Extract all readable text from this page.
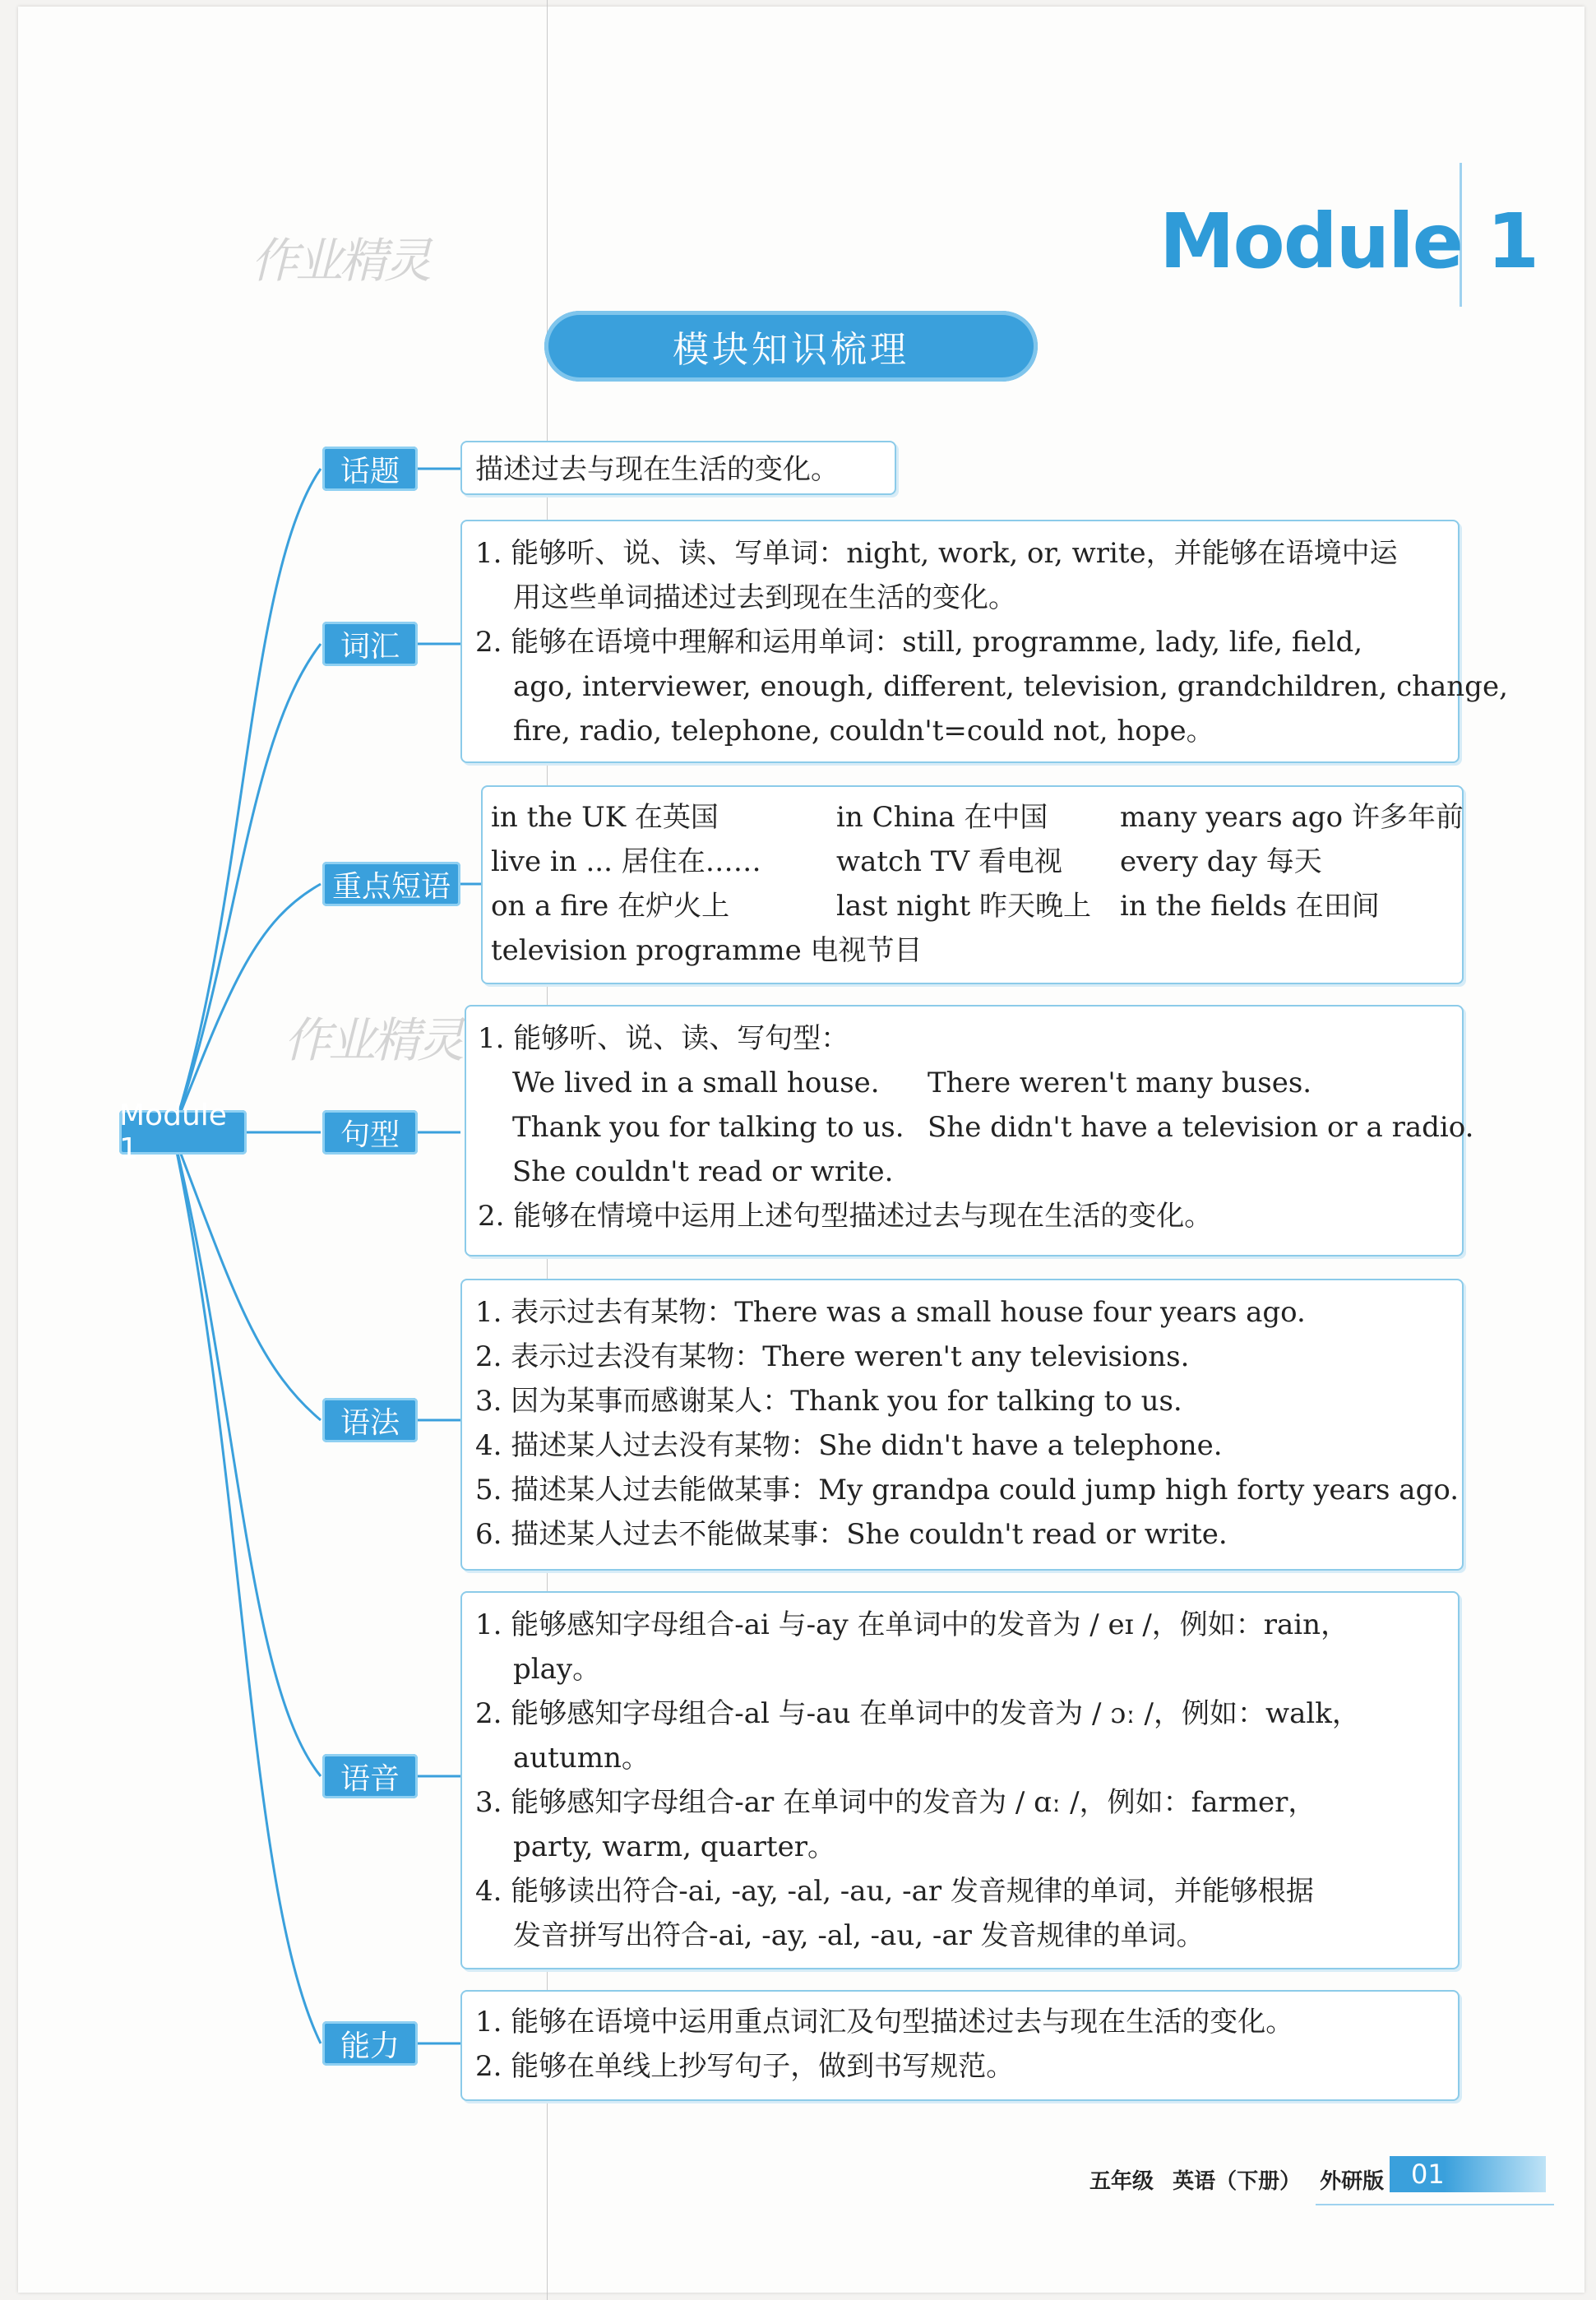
作业精灵
作业精灵
Module 1
模块知识梳理
Module 1
话题
词汇
重点短语
句型
语法
语音
能力
描述过去与现在生活的变化。
1. 能够听、说、读、写单词：night, work, or, write，并能够在语境中运
用这些单词描述过去到现在生活的变化。
2. 能够在语境中理解和运用单词：still, programme, lady, life, field,
ago, interviewer, enough, different, television, grandchildren, change,
fire, radio, telephone, couldn't=could not, hope。
in the UK 在英国	in China 在中国	many years ago 许多年前
live in ... 居住在……	watch TV 看电视	every day 每天
on a fire 在炉火上	last night 昨天晚上	in the fields 在田间
television programme 电视节目
1. 能够听、说、读、写句型：
We lived in a small house.	There weren't many buses.
Thank you for talking to us. She didn't have a television or a radio.
She couldn't read or write.
2. 能够在情境中运用上述句型描述过去与现在生活的变化。
1. 表示过去有某物：There was a small house four years ago.
2. 表示过去没有某物：There weren't any televisions.
3. 因为某事而感谢某人：Thank you for talking to us.
4. 描述某人过去没有某物：She didn't have a telephone.
5. 描述某人过去能做某事：My grandpa could jump high forty years ago.
6. 描述某人过去不能做某事：She couldn't read or write.
1. 能够感知字母组合-ai 与-ay 在单词中的发音为 / eɪ /，例如：rain，
play。
2. 能够感知字母组合-al 与-au 在单词中的发音为 / ɔː /，例如：walk，
autumn。
3. 能够感知字母组合-ar 在单词中的发音为 / ɑː /，例如：farmer，
party, warm, quarter。
4. 能够读出符合-ai, -ay, -al, -au, -ar 发音规律的单词，并能够根据
发音拼写出符合-ai, -ay, -al, -au, -ar 发音规律的单词。
1. 能够在语境中运用重点词汇及句型描述过去与现在生活的变化。
2. 能够在单线上抄写句子，做到书写规范。
五年级 英语（下册） 外研版	01
